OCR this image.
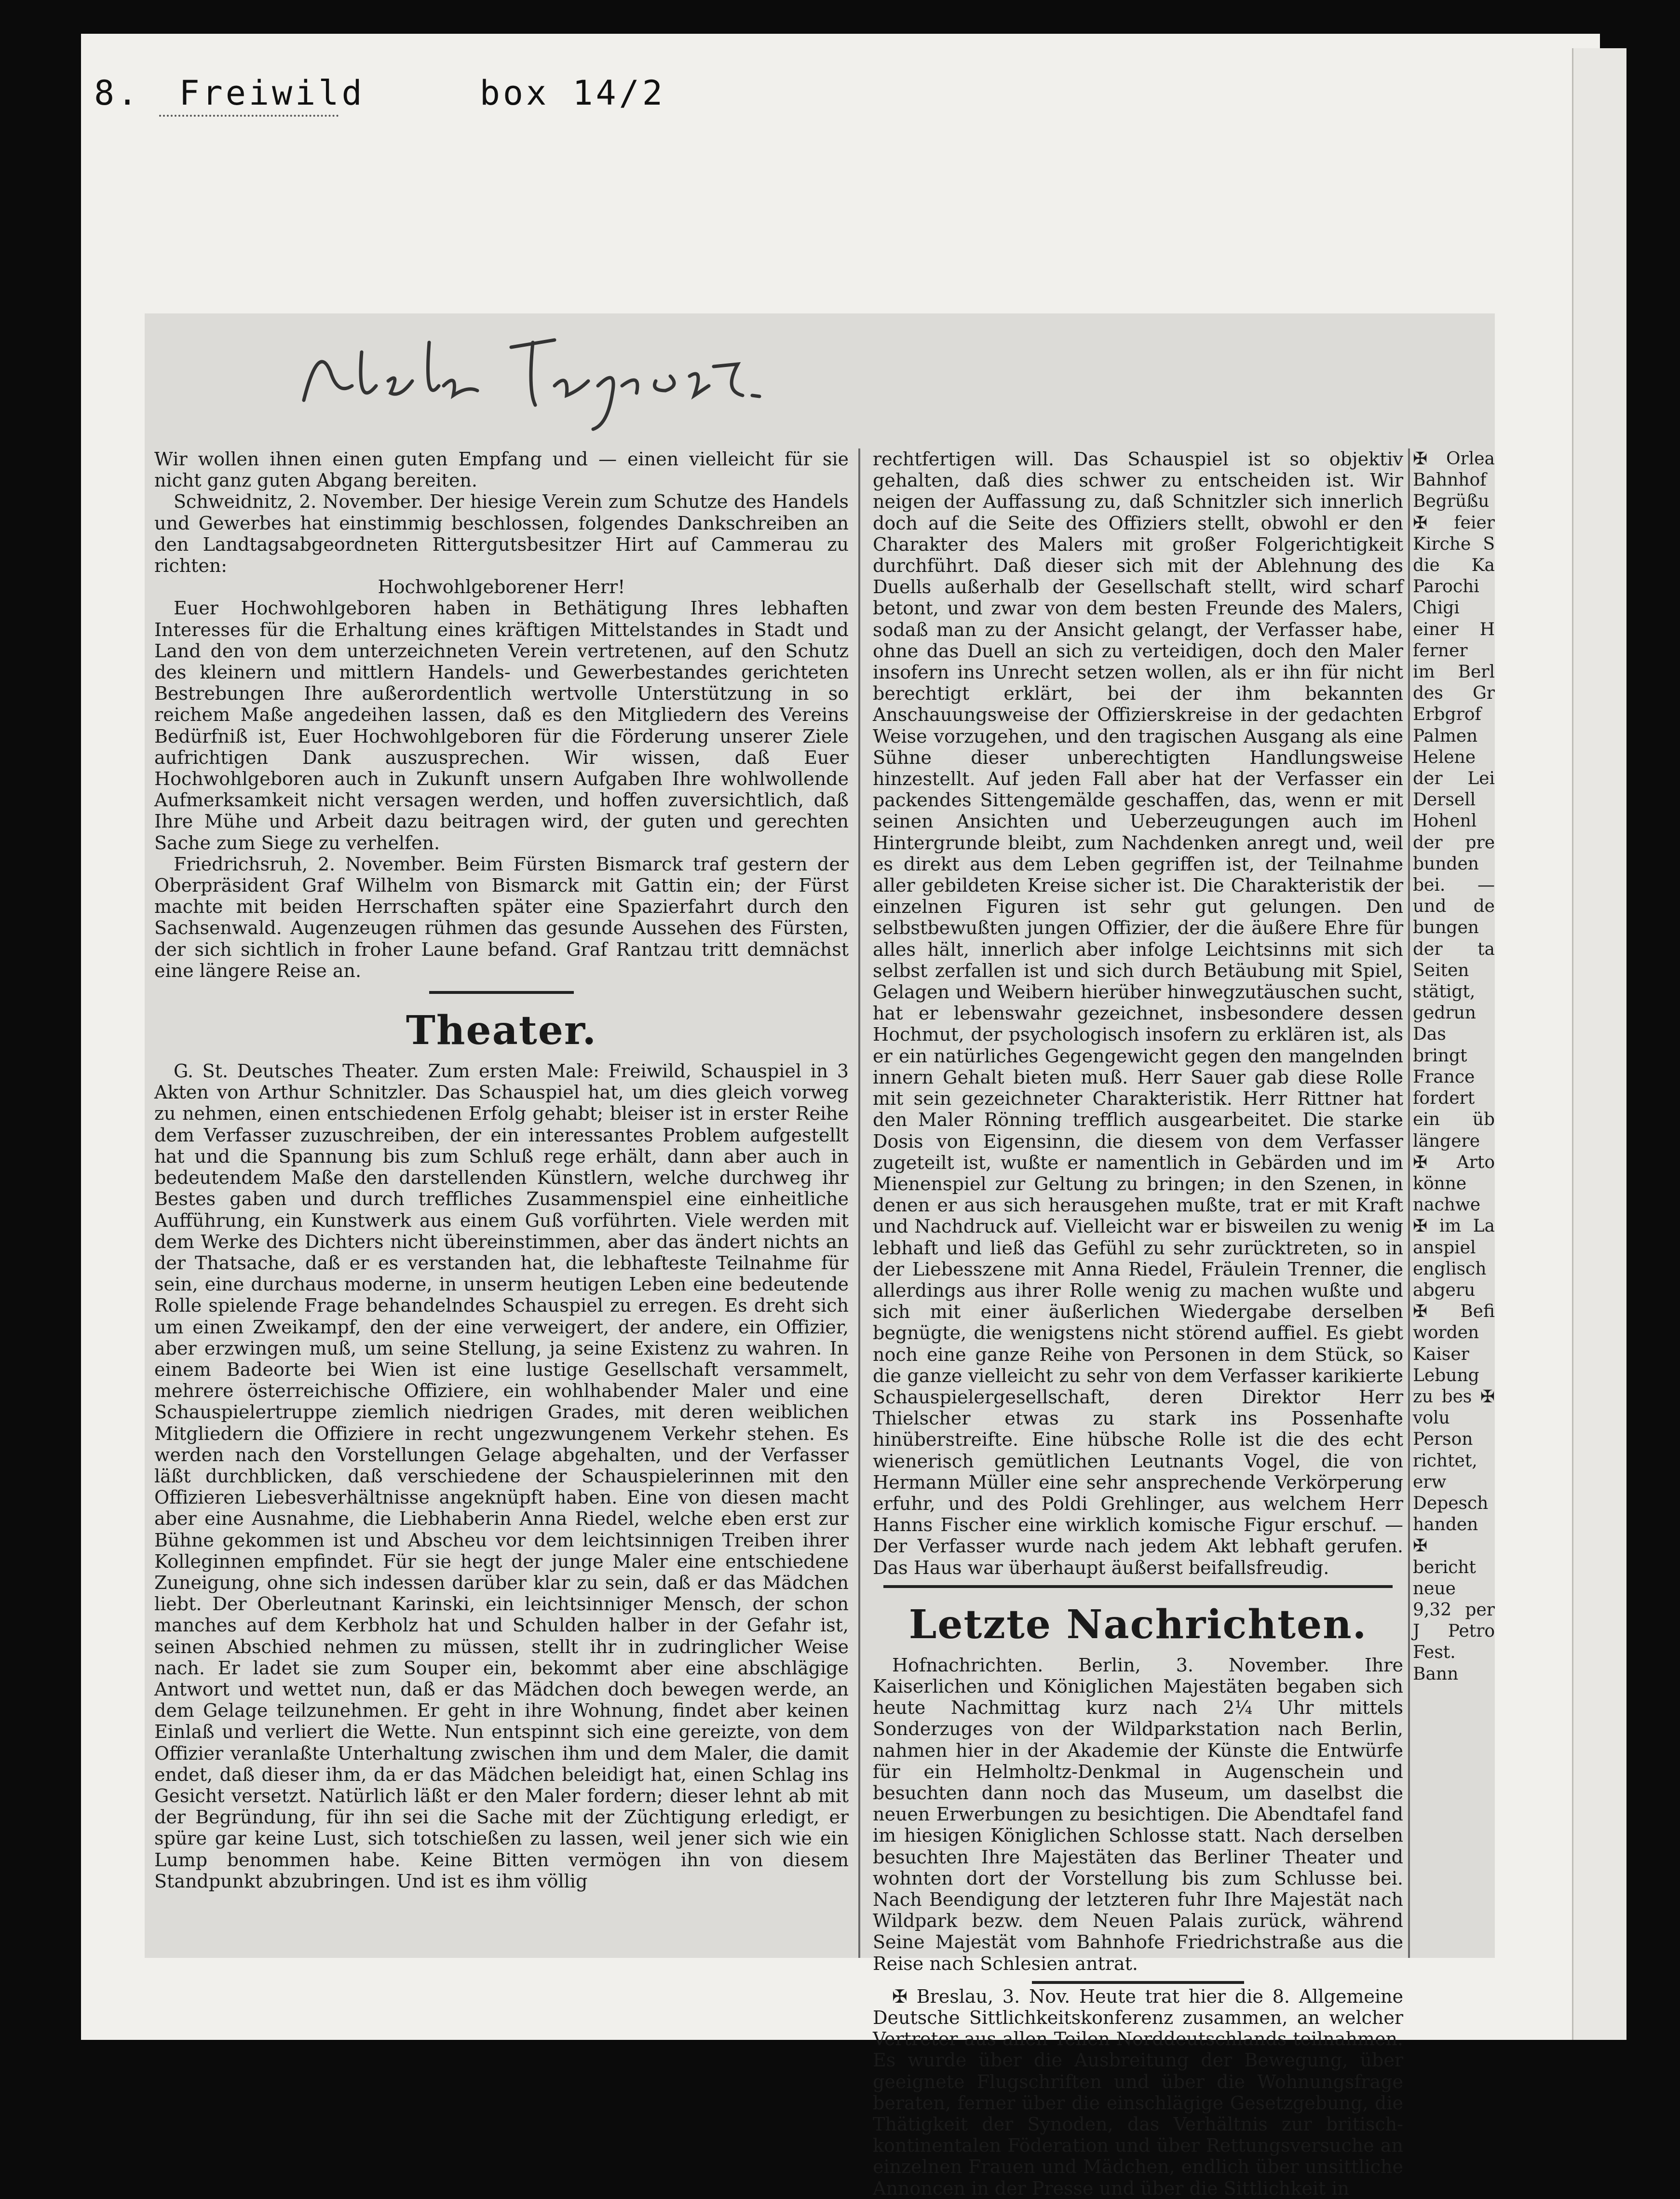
8. Freiwild	box 14/2

Wir wollen ihnen einen guten Empfang und — einen vielleicht für sie nicht ganz guten Abgang bereiten.

Schweidnitz, 2. November. Der hiesige Verein zum Schutze des Handels und Gewerbes hat einstimmig beschlossen, folgendes Dankschreiben an den Landtagsabgeordneten Rittergutsbesitzer Hirt auf Cammerau zu richten:

Hochwohlgeborener Herr!

Euer Hochwohlgeboren haben in Bethätigung Ihres lebhaften Interesses für die Erhaltung eines kräftigen Mittelstandes in Stadt und Land den von dem unterzeichneten Verein vertretenen, auf den Schutz des kleinern und mittlern Handels- und Gewerbestandes gerichteten Bestrebungen Ihre außerordentlich wertvolle Unterstützung in so reichem Maße angedeihen lassen, daß es den Mitgliedern des Vereins Bedürfniß ist, Euer Hochwohlgeboren für die Förderung unserer Ziele aufrichtigen Dank auszusprechen. Wir wissen, daß Euer Hochwohlgeboren auch in Zukunft unsern Aufgaben Ihre wohlwollende Aufmerksamkeit nicht versagen werden, und hoffen zuversichtlich, daß Ihre Mühe und Arbeit dazu beitragen wird, der guten und gerechten Sache zum Siege zu verhelfen.

Friedrichsruh, 2. November. Beim Fürsten Bismarck traf gestern der Oberpräsident Graf Wilhelm von Bismarck mit Gattin ein; der Fürst machte mit beiden Herrschaften später eine Spazierfahrt durch den Sachsenwald. Augenzeugen rühmen das gesunde Aussehen des Fürsten, der sich sichtlich in froher Laune befand. Graf Rantzau tritt demnächst eine längere Reise an.

Theater.

G. St. Deutsches Theater. Zum ersten Male: Freiwild, Schauspiel in 3 Akten von Arthur Schnitzler. Das Schauspiel hat, um dies gleich vorweg zu nehmen, einen entschiedenen Erfolg gehabt; bleiser ist in erster Reihe dem Verfasser zuzuschreiben, der ein interessantes Problem aufgestellt hat und die Spannung bis zum Schluß rege erhält, dann aber auch in bedeutendem Maße den darstellenden Künstlern, welche durchweg ihr Bestes gaben und durch treffliches Zusammenspiel eine einheitliche Aufführung, ein Kunstwerk aus einem Guß vorführten. Viele werden mit dem Werke des Dichters nicht übereinstimmen, aber das ändert nichts an der Thatsache, daß er es verstanden hat, die lebhafteste Teilnahme für sein, eine durchaus moderne, in unserm heutigen Leben eine bedeutende Rolle spielende Frage behandelndes Schauspiel zu erregen. Es dreht sich um einen Zweikampf, den der eine verweigert, der andere, ein Offizier, aber erzwingen muß, um seine Stellung, ja seine Existenz zu wahren. In einem Badeorte bei Wien ist eine lustige Gesellschaft versammelt, mehrere österreichische Offiziere, ein wohlhabender Maler und eine Schauspielertruppe ziemlich niedrigen Grades, mit deren weiblichen Mitgliedern die Offiziere in recht ungezwungenem Verkehr stehen. Es werden nach den Vorstellungen Gelage abgehalten, und der Verfasser läßt durchblicken, daß verschiedene der Schauspielerinnen mit den Offizieren Liebesverhältnisse angeknüpft haben. Eine von diesen macht aber eine Ausnahme, die Liebhaberin Anna Riedel, welche eben erst zur Bühne gekommen ist und Abscheu vor dem leichtsinnigen Treiben ihrer Kolleginnen empfindet. Für sie hegt der junge Maler eine entschiedene Zuneigung, ohne sich indessen darüber klar zu sein, daß er das Mädchen liebt. Der Oberleutnant Karinski, ein leichtsinniger Mensch, der schon manches auf dem Kerbholz hat und Schulden halber in der Gefahr ist, seinen Abschied nehmen zu müssen, stellt ihr in zudringlicher Weise nach. Er ladet sie zum Souper ein, bekommt aber eine abschlägige Antwort und wettet nun, daß er das Mädchen doch bewegen werde, an dem Gelage teilzunehmen. Er geht in ihre Wohnung, findet aber keinen Einlaß und verliert die Wette. Nun entspinnt sich eine gereizte, von dem Offizier veranlaßte Unterhaltung zwischen ihm und dem Maler, die damit endet, daß dieser ihm, da er das Mädchen beleidigt hat, einen Schlag ins Gesicht versetzt. Natürlich läßt er den Maler fordern; dieser lehnt ab mit der Begründung, für ihn sei die Sache mit der Züchtigung erledigt, er spüre gar keine Lust, sich totschießen zu lassen, weil jener sich wie ein Lump benommen habe. Keine Bitten vermögen ihn von diesem Standpunkt abzubringen. Und ist es ihm völlig

rechtfertigen will. Das Schauspiel ist so objektiv gehalten, daß dies schwer zu entscheiden ist. Wir neigen der Auffassung zu, daß Schnitzler sich innerlich doch auf die Seite des Offiziers stellt, obwohl er den Charakter des Malers mit großer Folgerichtigkeit durchführt. Daß dieser sich mit der Ablehnung des Duells außerhalb der Gesellschaft stellt, wird scharf betont, und zwar von dem besten Freunde des Malers, sodaß man zu der Ansicht gelangt, der Verfasser habe, ohne das Duell an sich zu verteidigen, doch den Maler insofern ins Unrecht setzen wollen, als er ihn für nicht berechtigt erklärt, bei der ihm bekannten Anschauungsweise der Offizierskreise in der gedachten Weise vorzugehen, und den tragischen Ausgang als eine Sühne dieser unberechtigten Handlungsweise hinzestellt. Auf jeden Fall aber hat der Verfasser ein packendes Sittengemälde geschaffen, das, wenn er mit seinen Ansichten und Ueberzeugungen auch im Hintergrunde bleibt, zum Nachdenken anregt und, weil es direkt aus dem Leben gegriffen ist, der Teilnahme aller gebildeten Kreise sicher ist. Die Charakteristik der einzelnen Figuren ist sehr gut gelungen. Den selbstbewußten jungen Offizier, der die äußere Ehre für alles hält, innerlich aber infolge Leichtsinns mit sich selbst zerfallen ist und sich durch Betäubung mit Spiel, Gelagen und Weibern hierüber hinwegzutäuschen sucht, hat er lebenswahr gezeichnet, insbesondere dessen Hochmut, der psychologisch insofern zu erklären ist, als er ein natürliches Gegengewicht gegen den mangelnden innern Gehalt bieten muß. Herr Sauer gab diese Rolle mit sein gezeichneter Charakteristik. Herr Rittner hat den Maler Rönning trefflich ausgearbeitet. Die starke Dosis von Eigensinn, die diesem von dem Verfasser zugeteilt ist, wußte er namentlich in Gebärden und im Mienenspiel zur Geltung zu bringen; in den Szenen, in denen er aus sich herausgehen mußte, trat er mit Kraft und Nachdruck auf. Vielleicht war er bisweilen zu wenig lebhaft und ließ das Gefühl zu sehr zurücktreten, so in der Liebesszene mit Anna Riedel, Fräulein Trenner, die allerdings aus ihrer Rolle wenig zu machen wußte und sich mit einer äußerlichen Wiedergabe derselben begnügte, die wenigstens nicht störend auffiel. Es giebt noch eine ganze Reihe von Personen in dem Stück, so die ganze vielleicht zu sehr von dem Verfasser karikierte Schauspielergesellschaft, deren Direktor Herr Thielscher etwas zu stark ins Possenhafte hinüberstreifte. Eine hübsche Rolle ist die des echt wienerisch gemütlichen Leutnants Vogel, die von Hermann Müller eine sehr ansprechende Verkörperung erfuhr, und des Poldi Grehlinger, aus welchem Herr Hanns Fischer eine wirklich komische Figur erschuf. — Der Verfasser wurde nach jedem Akt lebhaft gerufen. Das Haus war überhaupt äußerst beifallsfreudig.

Letzte Nachrichten.

Hofnachrichten. Berlin, 3. November. Ihre Kaiserlichen und Königlichen Majestäten begaben sich heute Nachmittag kurz nach 2¼ Uhr mittels Sonderzuges von der Wildparkstation nach Berlin, nahmen hier in der Akademie der Künste die Entwürfe für ein Helmholtz-Denkmal in Augenschein und besuchten dann noch das Museum, um daselbst die neuen Erwerbungen zu besichtigen. Die Abendtafel fand im hiesigen Königlichen Schlosse statt. Nach derselben besuchten Ihre Majestäten das Berliner Theater und wohnten dort der Vorstellung bis zum Schlusse bei. Nach Beendigung der letzteren fuhr Ihre Majestät nach Wildpark bezw. dem Neuen Palais zurück, während Seine Majestät vom Bahnhofe Friedrichstraße aus die Reise nach Schlesien antrat.

✠ Breslau, 3. Nov. Heute trat hier die 8. Allgemeine Deutsche Sittlichkeitskonferenz zusammen, an welcher Vertreter aus allen Teilen Norddeutschlands teilnahmen. Es wurde über die Ausbreitung der Bewegung, über geeignete Flugschriften und über die Wohnungsfrage beraten, ferner über die einschlägige Gesetzgebung, die Thätigkeit der Synoden, das Verhältnis zur britisch-kontinentalen Föderation und über Rettungsversuche an einzelnen Frauen und Mädchen, endlich über unsittliche Annoncen in der Presse und über die Sittlichkeit in

✠ Orlea Bahnhof Begrüßu ✠ feier Kirche S die Ka Parochi Chigi einer H ferner im Berl des Gr Erbgrof Palmen Helene der Lei Dersell Hohenl der pre bunden bei. — und de bungen der ta Seiten stätigt, gedrun Das bringt France fordert ein üb längere ✠ Arto könne nachwe ✠ im La anspiel englisch abgeru ✠ Befi worden Kaiser Lebung zu bes ✠ volu Person richtet, erw Depesch handen ✠ bericht neue 9,32 per J Petro Fest. Bann
